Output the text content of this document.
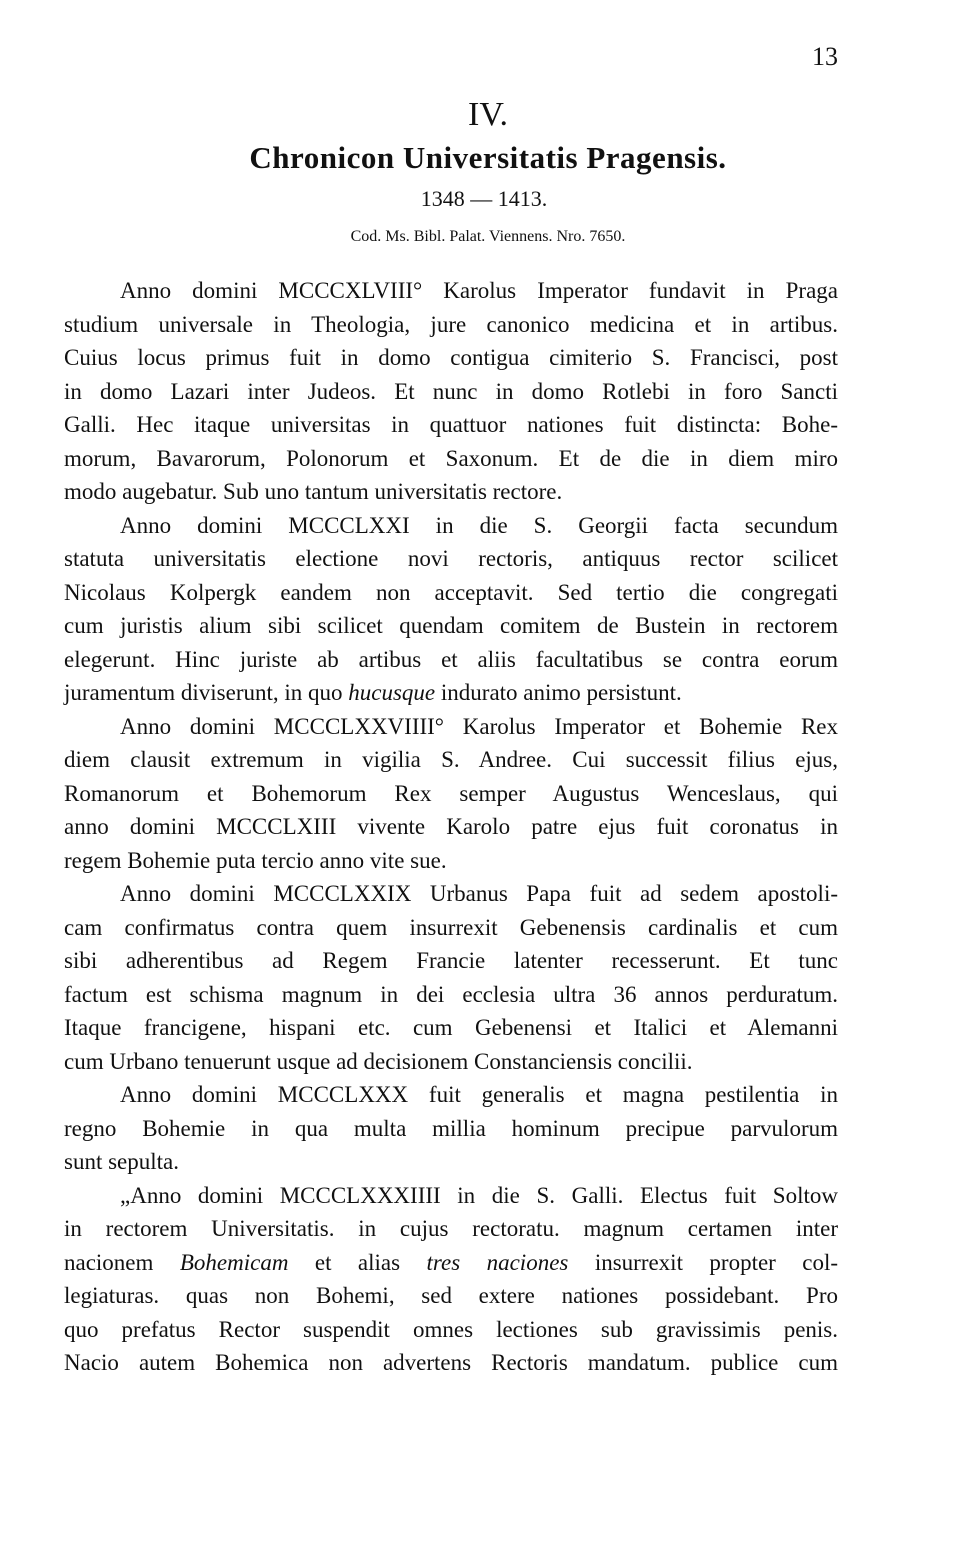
13
IV.
Chronicon Universitatis Pragensis.
1348 — 1413.
Cod. Ms. Bibl. Palat. Viennens. Nro. 7650.
Anno domini MCCCXLVIII° Karolus Imperator fundavit in Praga
studium universale in Theologia, jure canonico medicina et in artibus.
Cuius locus primus fuit in domo contigua cimiterio S. Francisci, post
in domo Lazari inter Judeos. Et nunc in domo Rotlebi in foro Sancti
Galli. Hec itaque universitas in quattuor nationes fuit distincta: Bohe-
morum, Bavarorum, Polonorum et Saxonum. Et de die in diem miro
modo augebatur. Sub uno tantum universitatis rectore.
Anno domini MCCCLXXI in die S. Georgii facta secundum
statuta universitatis electione novi rectoris, antiquus rector scilicet
Nicolaus Kolpergk eandem non acceptavit. Sed tertio die congregati
cum juristis alium sibi scilicet quendam comitem de Bustein in rectorem
elegerunt. Hinc juriste ab artibus et aliis facultatibus se contra eorum
juramentum diviserunt, in quo hucusque indurato animo persistunt.
Anno domini MCCCLXXVIIII° Karolus Imperator et Bohemie Rex
diem clausit extremum in vigilia S. Andree. Cui successit filius ejus,
Romanorum et Bohemorum Rex semper Augustus Wenceslaus, qui
anno domini MCCCLXIII vivente Karolo patre ejus fuit coronatus in
regem Bohemie puta tercio anno vite sue.
Anno domini MCCCLXXIX Urbanus Papa fuit ad sedem apostoli-
cam confirmatus contra quem insurrexit Gebenensis cardinalis et cum
sibi adherentibus ad Regem Francie latenter recesserunt. Et tunc
factum est schisma magnum in dei ecclesia ultra 36 annos perduratum.
Itaque francigene, hispani etc. cum Gebenensi et Italici et Alemanni
cum Urbano tenuerunt usque ad decisionem Constanciensis concilii.
Anno domini MCCCLXXX fuit generalis et magna pestilentia in
regno Bohemie in qua multa millia hominum precipue parvulorum
sunt sepulta.
„Anno domini MCCCLXXXIIII in die S. Galli. Electus fuit Soltow
in rectorem Universitatis. in cujus rectoratu. magnum certamen inter
nacionem Bohemicam et alias tres naciones insurrexit propter col-
legiaturas. quas non Bohemi, sed extere nationes possidebant. Pro
quo prefatus Rector suspendit omnes lectiones sub gravissimis penis.
Nacio autem Bohemica non advertens Rectoris mandatum. publice cum
